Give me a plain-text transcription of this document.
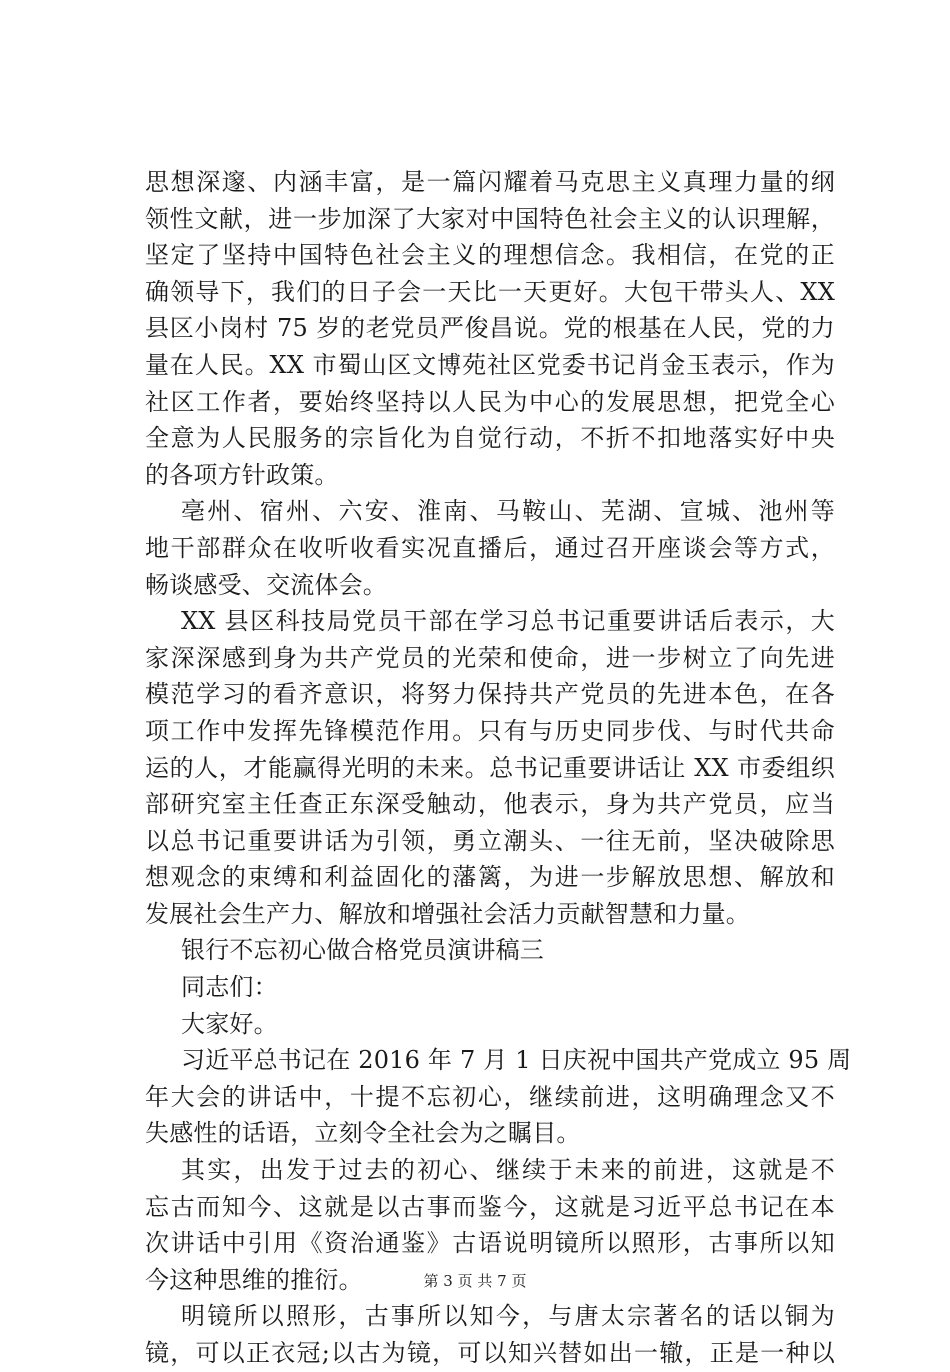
思想深邃、内涵丰富，是一篇闪耀着马克思主义真理力量的纲
领性文献，进一步加深了大家对中国特色社会主义的认识理解，
坚定了坚持中国特色社会主义的理想信念。我相信，在党的正
确领导下，我们的日子会一天比一天更好。大包干带头人、XX
县区小岗村 75 岁的老党员严俊昌说。党的根基在人民，党的力
量在人民。XX 市蜀山区文博苑社区党委书记肖金玉表示，作为
社区工作者，要始终坚持以人民为中心的发展思想，把党全心
全意为人民服务的宗旨化为自觉行动，不折不扣地落实好中央
的各项方针政策。
亳州、宿州、六安、淮南、马鞍山、芜湖、宣城、池州等
地干部群众在收听收看实况直播后，通过召开座谈会等方式，
畅谈感受、交流体会。
XX 县区科技局党员干部在学习总书记重要讲话后表示，大
家深深感到身为共产党员的光荣和使命，进一步树立了向先进
模范学习的看齐意识，将努力保持共产党员的先进本色，在各
项工作中发挥先锋模范作用。只有与历史同步伐、与时代共命
运的人，才能赢得光明的未来。总书记重要讲话让 XX 市委组织
部研究室主任查正东深受触动，他表示，身为共产党员，应当
以总书记重要讲话为引领，勇立潮头、一往无前，坚决破除思
想观念的束缚和利益固化的藩篱，为进一步解放思想、解放和
发展社会生产力、解放和增强社会活力贡献智慧和力量。
银行不忘初心做合格党员演讲稿三
同志们：
大家好。
习近平总书记在 2016 年 7 月 1 日庆祝中国共产党成立 95 周
年大会的讲话中，十提不忘初心，继续前进，这明确理念又不
失感性的话语，立刻令全社会为之瞩目。
其实，出发于过去的初心、继续于未来的前进，这就是不
忘古而知今、这就是以古事而鉴今，这就是习近平总书记在本
次讲话中引用《资治通鉴》古语说明镜所以照形，古事所以知
今这种思维的推衍。
明镜所以照形，古事所以知今，与唐太宗著名的话以铜为
镜，可以正衣冠;以古为镜，可以知兴替如出一辙，正是一种以
第 3 页 共 7 页
